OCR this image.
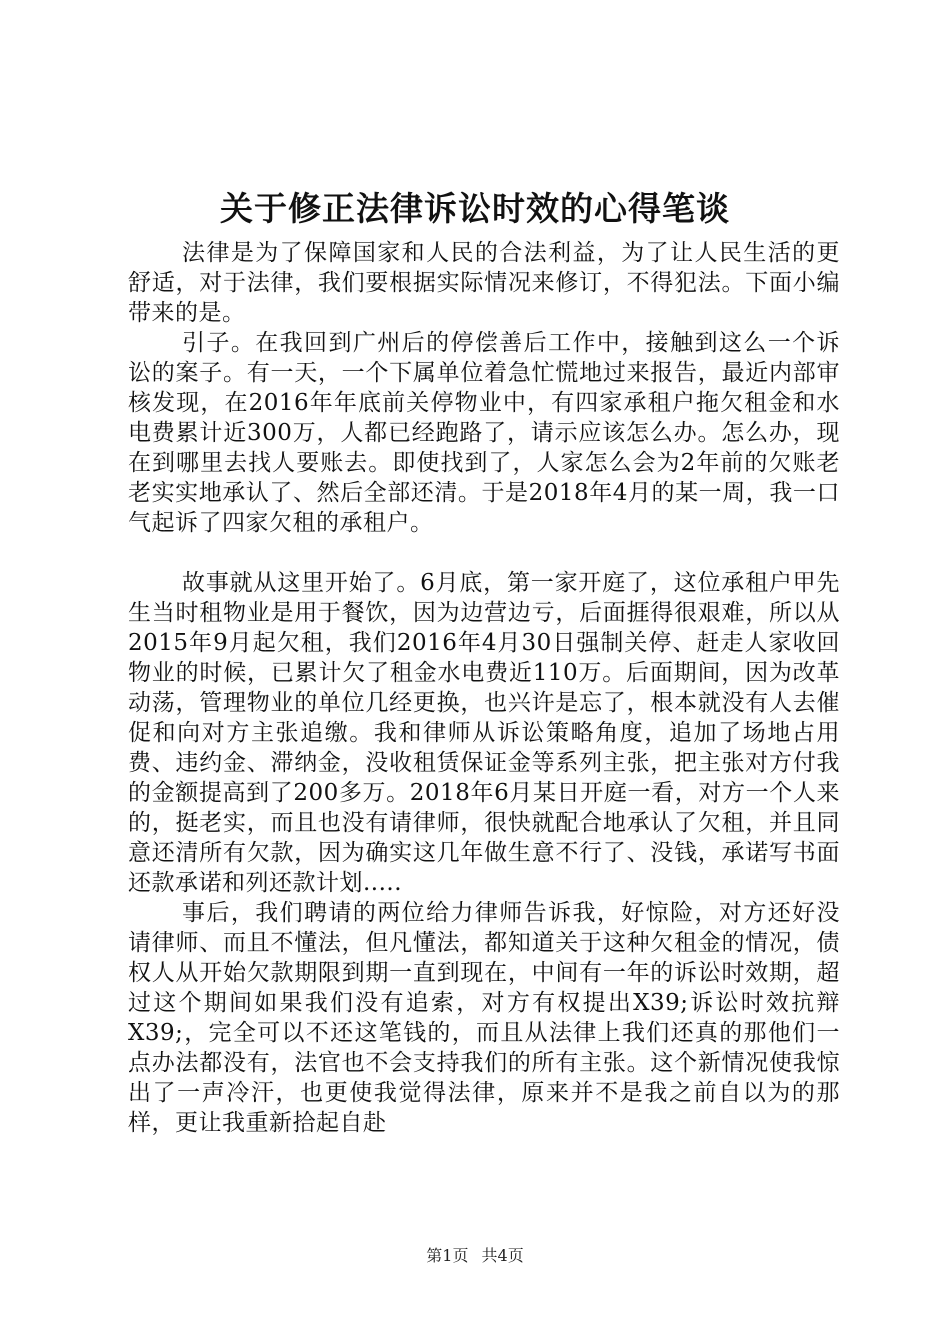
关于修正法律诉讼时效的心得笔谈

法律是为了保障国家和人民的合法利益，为了让人民生活的更舒适，对于法律，我们要根据实际情况来修订，不得犯法。下面小编带来的是。

引子。在我回到广州后的停偿善后工作中，接触到这么一个诉讼的案子。有一天，一个下属单位着急忙慌地过来报告，最近内部审核发现，在2016年年底前关停物业中，有四家承租户拖欠租金和水电费累计近300万，人都已经跑路了，请示应该怎么办。怎么办，现在到哪里去找人要账去。即使找到了，人家怎么会为2年前的欠账老老实实地承认了、然后全部还清。于是2018年4月的某一周，我一口气起诉了四家欠租的承租户。

故事就从这里开始了。6月底，第一家开庭了，这位承租户甲先生当时租物业是用于餐饮，因为边营边亏，后面捱得很艰难，所以从2015年9月起欠租，我们2016年4月30日强制关停、赶走人家收回物业的时候，已累计欠了租金水电费近110万。后面期间，因为改革动荡，管理物业的单位几经更换，也兴许是忘了，根本就没有人去催促和向对方主张追缴。我和律师从诉讼策略角度，追加了场地占用费、违约金、滞纳金，没收租赁保证金等系列主张，把主张对方付我的金额提高到了200多万。2018年6月某日开庭一看，对方一个人来的，挺老实，而且也没有请律师，很快就配合地承认了欠租，并且同意还清所有欠款，因为确实这几年做生意不行了、没钱，承诺写书面还款承诺和列还款计划.....

事后，我们聘请的两位给力律师告诉我，好惊险，对方还好没请律师、而且不懂法，但凡懂法，都知道关于这种欠租金的情况，债权人从开始欠款期限到期一直到现在，中间有一年的诉讼时效期，超过这个期间如果我们没有追索，对方有权提出X39;诉讼时效抗辩X39;，完全可以不还这笔钱的，而且从法律上我们还真的那他们一点办法都没有，法官也不会支持我们的所有主张。这个新情况使我惊出了一声冷汗，也更使我觉得法律，原来并不是我之前自以为的那样，更让我重新拾起自赴

第1页 共4页
